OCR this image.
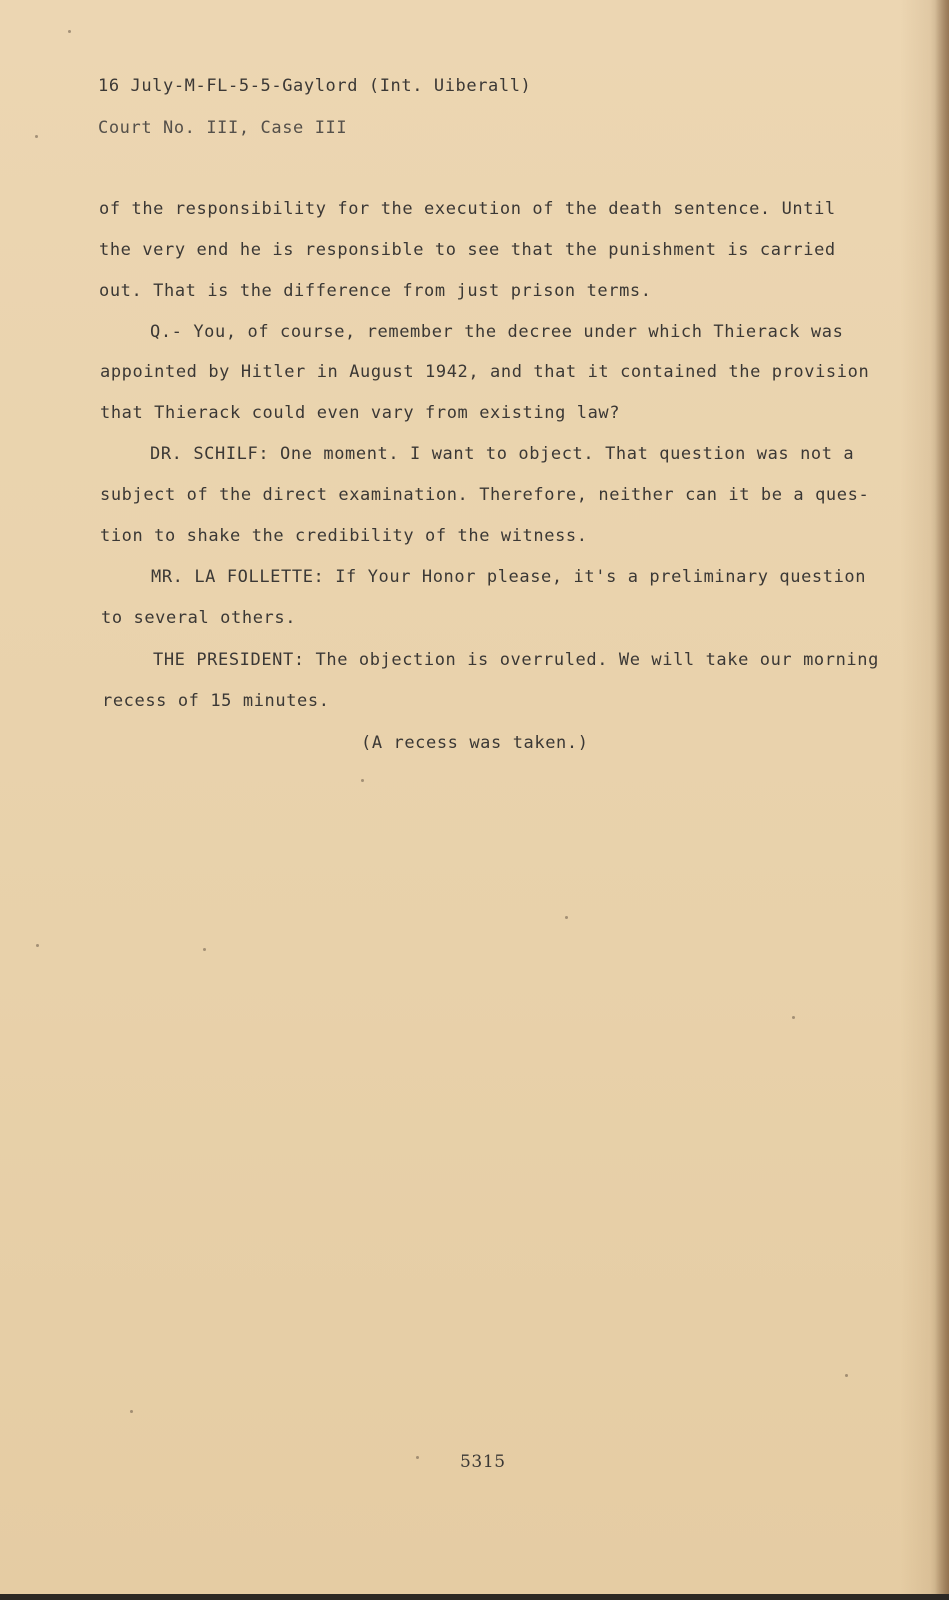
16 July-M-FL-5-5-Gaylord (Int. Uiberall)
Court No. III, Case III
of the responsibility for the execution of the death sentence. Until
the very end he is responsible to see that the punishment is carried
out. That is the difference from just prison terms.
Q.- You, of course, remember the decree under which Thierack was
appointed by Hitler in August 1942, and that it contained the provision
that Thierack could even vary from existing law?
DR. SCHILF: One moment. I want to object. That question was not a
subject of the direct examination. Therefore, neither can it be a ques-
tion to shake the credibility of the witness.
MR. LA FOLLETTE: If Your Honor please, it's a preliminary question
to several others.
THE PRESIDENT: The objection is overruled. We will take our morning
recess of 15 minutes.
(A recess was taken.)
5315
